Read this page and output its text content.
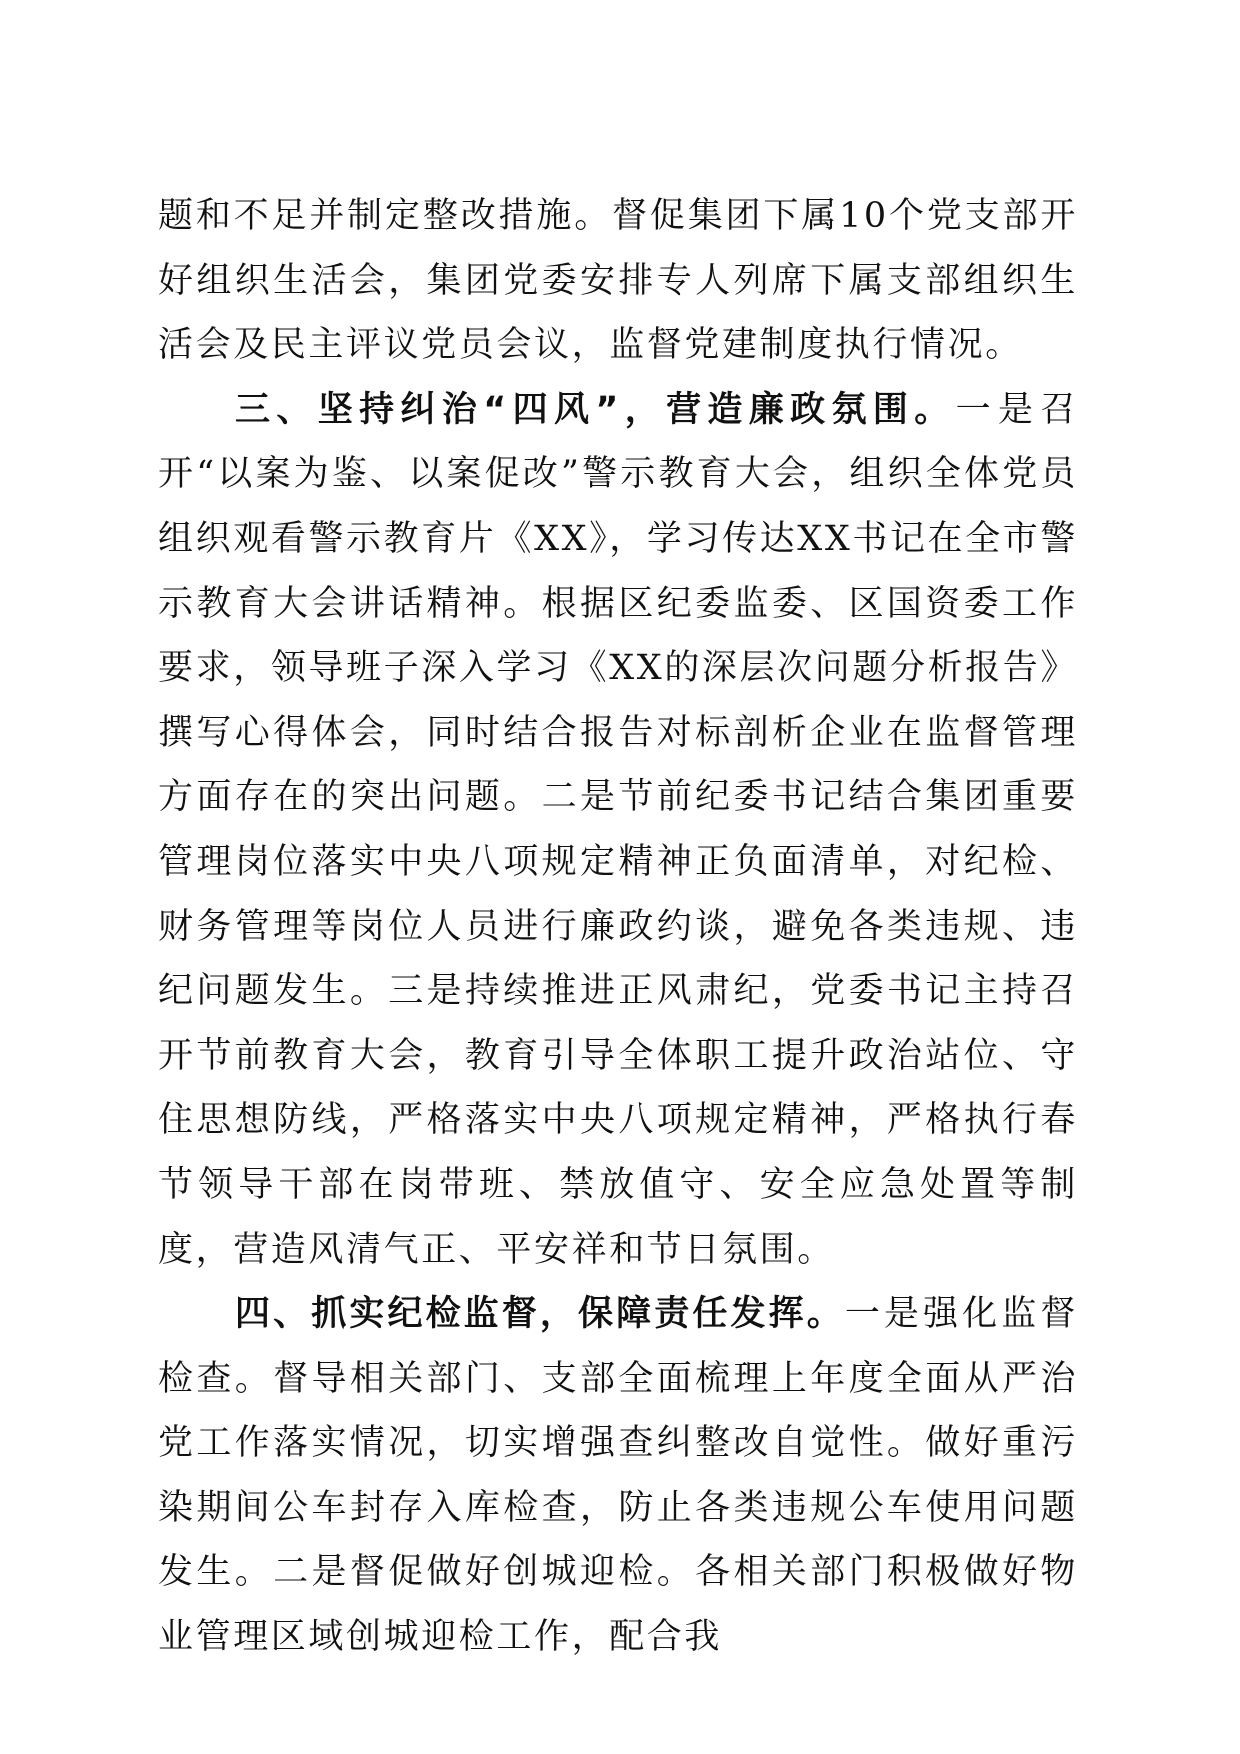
题和不足并制定整改措施。督促集团下属10个党支部开好组织生活会，集团党委安排专人列席下属支部组织生活会及民主评议党员会议，监督党建制度执行情况。

三、坚持纠治“四风”，营造廉政氛围。一是召开“以案为鉴、以案促改”警示教育大会，组织全体党员组织观看警示教育片《XX》，学习传达XX书记在全市警示教育大会讲话精神。根据区纪委监委、区国资委工作要求，领导班子深入学习《XX的深层次问题分析报告》撰写心得体会，同时结合报告对标剖析企业在监督管理方面存在的突出问题。二是节前纪委书记结合集团重要管理岗位落实中央八项规定精神正负面清单，对纪检、财务管理等岗位人员进行廉政约谈，避免各类违规、违纪问题发生。三是持续推进正风肃纪，党委书记主持召开节前教育大会，教育引导全体职工提升政治站位、守住思想防线，严格落实中央八项规定精神，严格执行春节领导干部在岗带班、禁放值守、安全应急处置等制度，营造风清气正、平安祥和节日氛围。

四、抓实纪检监督，保障责任发挥。一是强化监督检查。督导相关部门、支部全面梳理上年度全面从严治党工作落实情况，切实增强查纠整改自觉性。做好重污染期间公车封存入库检查，防止各类违规公车使用问题发生。二是督促做好创城迎检。各相关部门积极做好物业管理区域创城迎检工作，配合我
